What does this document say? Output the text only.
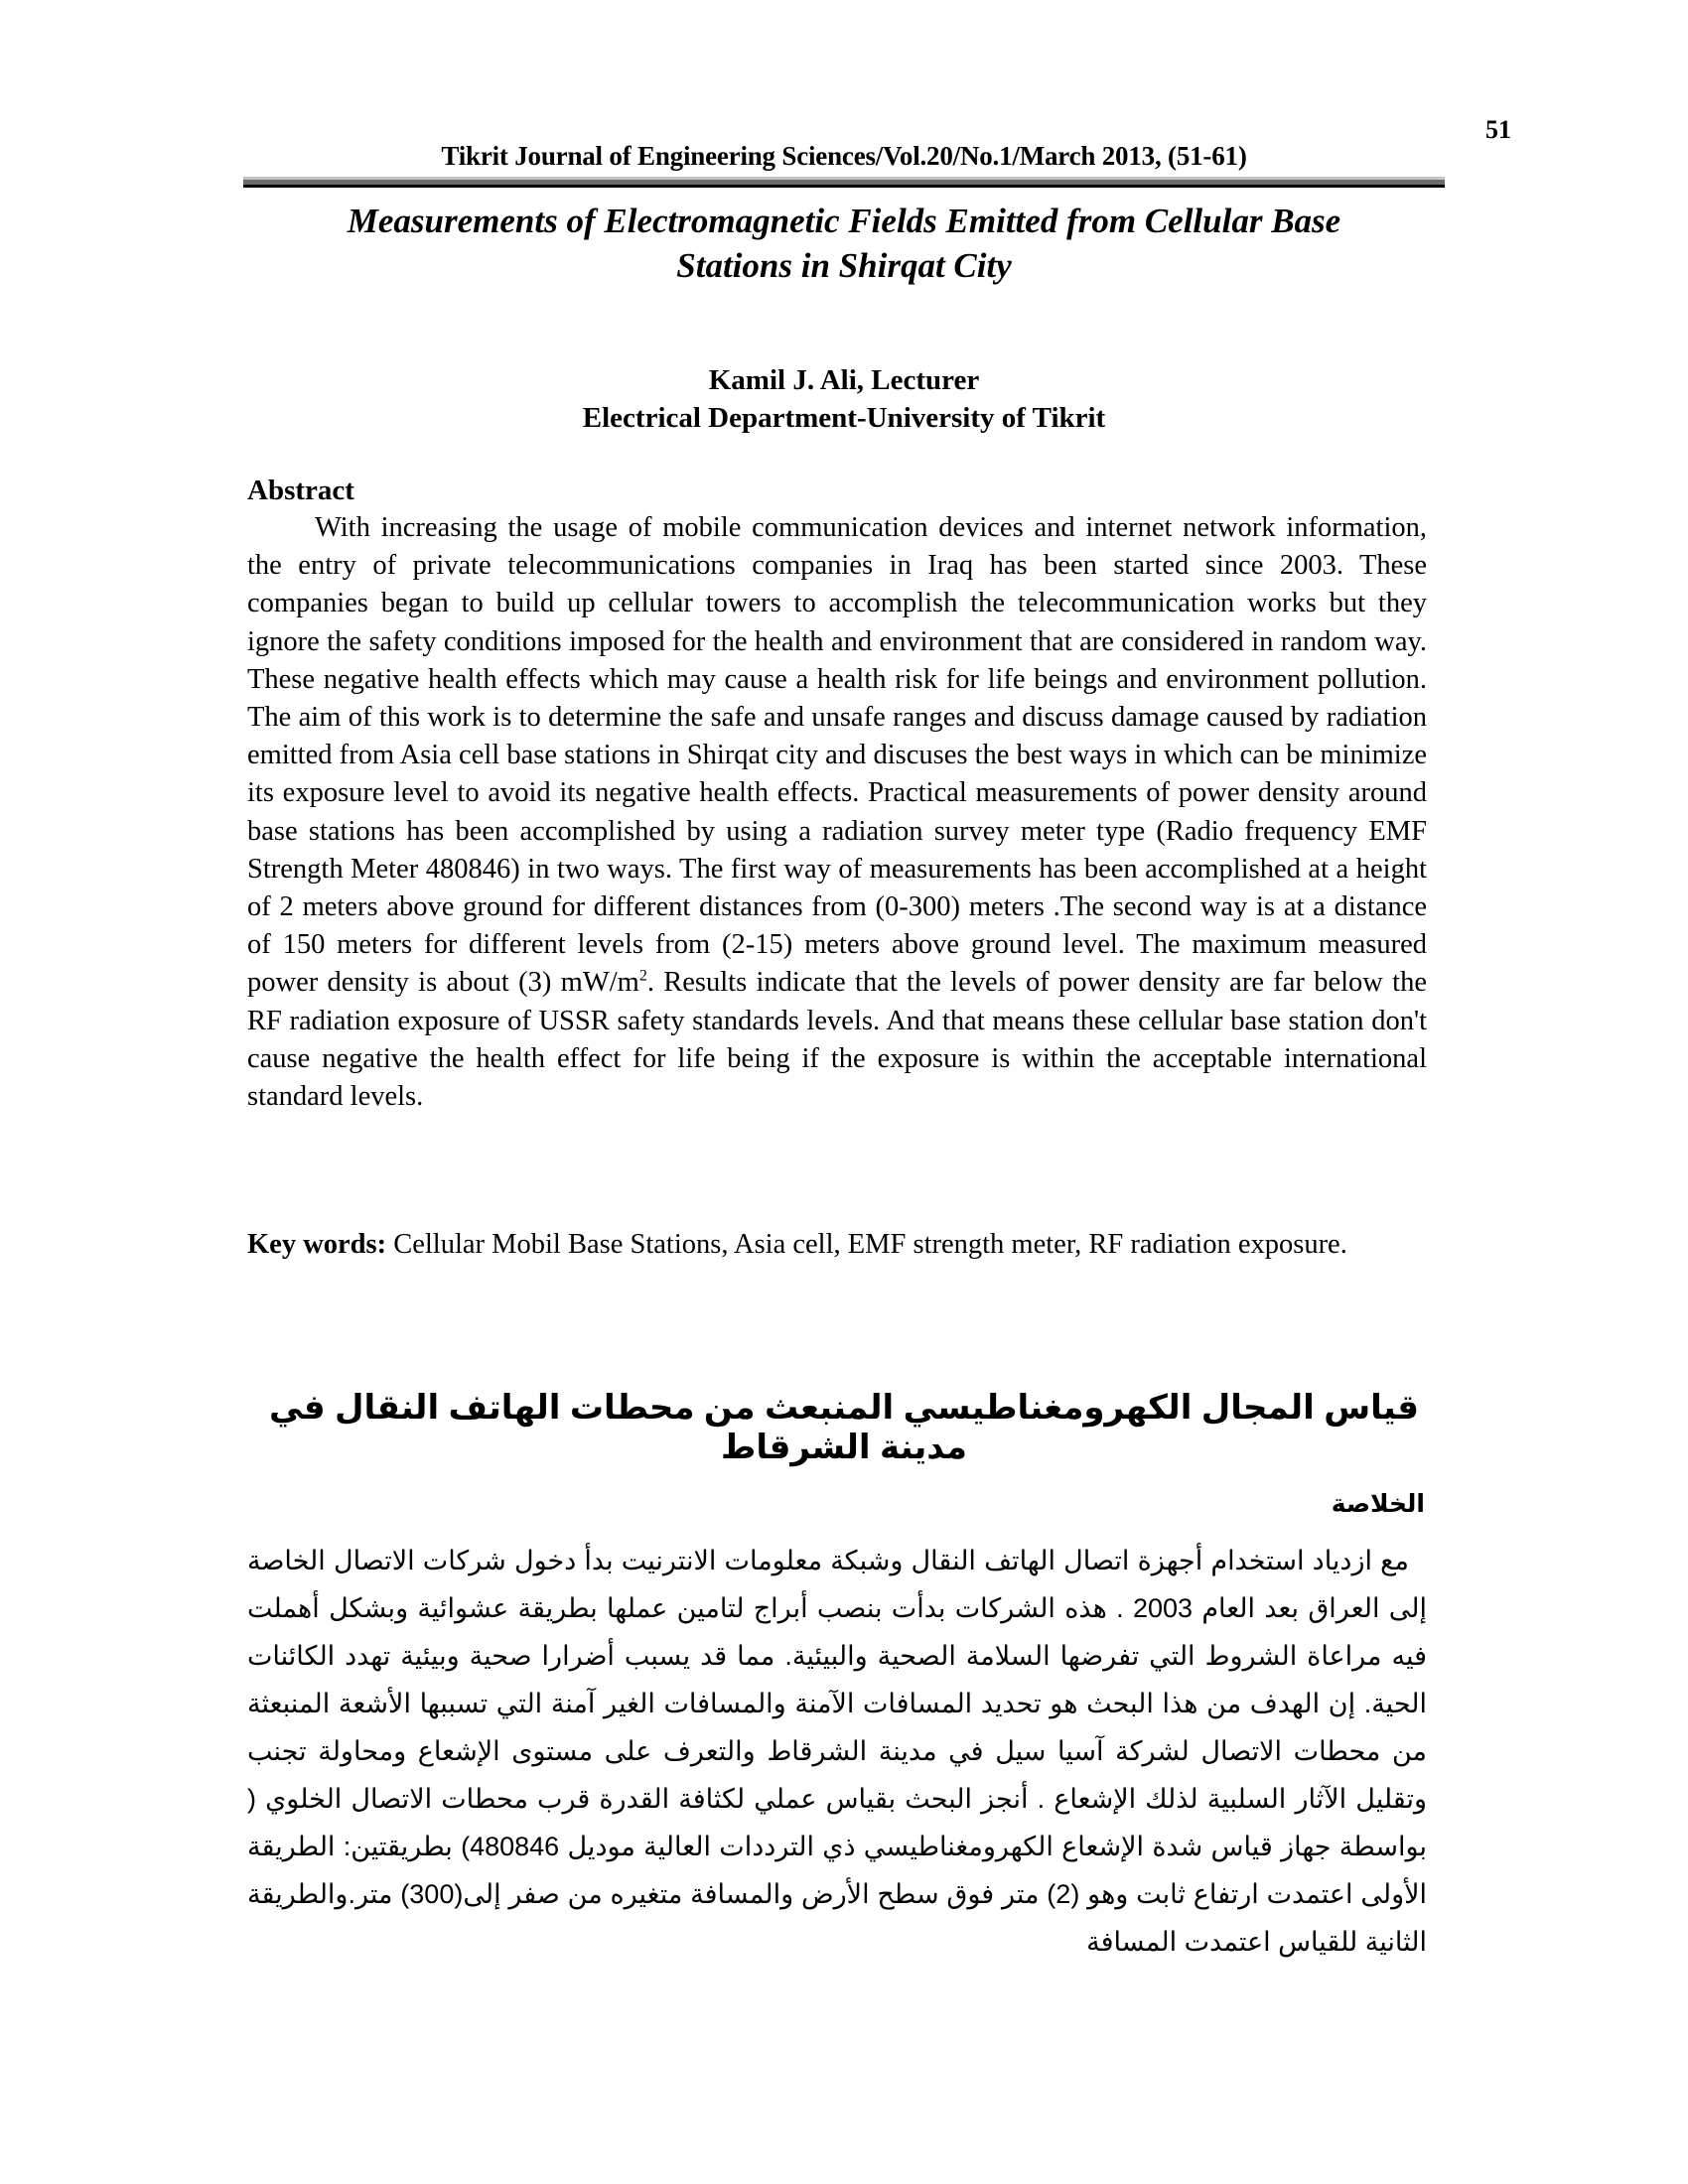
51
Tikrit Journal of Engineering Sciences/Vol.20/No.1/March 2013, (51-61)
Measurements of Electromagnetic Fields Emitted from Cellular Base
Stations in Shirqat City
Kamil J. Ali, Lecturer
Electrical Department-University of Tikrit
Abstract

With increasing the usage of mobile communication devices and internet network information, the entry of private telecommunications companies in Iraq has been started since 2003. These companies began to build up cellular towers to accomplish the telecommunication works but they ignore the safety conditions imposed for the health and environment that are considered in random way. These negative health effects which may cause a health risk for life beings and environment pollution. The aim of this work is to determine the safe and unsafe ranges and discuss damage caused by radiation emitted from Asia cell base stations in Shirqat city and discuses the best ways in which can be minimize its exposure level to avoid its negative health effects. Practical measurements of power density around base stations has been accomplished by using a radiation survey meter type (Radio frequency EMF Strength Meter 480846) in two ways. The first way of measurements has been accomplished at a height of 2 meters above ground for different distances from (0-300) meters .The second way is at a distance of 150 meters for different levels from (2-15) meters above ground level. The maximum measured power density is about (3) $mW/m^2$. Results indicate that the levels of power density are far below the RF radiation exposure of USSR safety standards levels. And that means these cellular base station don't cause negative the health effect for life being if the exposure is within the acceptable international standard levels.

Key words: Cellular Mobil Base Stations, Asia cell, EMF strength meter, RF radiation exposure.

قياس المجال الكهرومغناطيسي المنبعث من محطات الهاتف النقال في مدينة الشرقاط
الخلاصة

مع ازدياد استخدام أجهزة اتصال الهاتف النقال وشبكة معلومات الانترنيت بدأ دخول شركات الاتصال الخاصة إلى العراق بعد العام 2003 . هذه الشركات بدأت بنصب أبراج لتامين عملها بطريقة عشوائية وبشكل أهملت فيه مراعاة الشروط التي تفرضها السلامة الصحية والبيئية. مما قد يسبب أضرارا صحية وبيئية تهدد الكائنات الحية. إن الهدف من هذا البحث هو تحديد المسافات الآمنة والمسافات الغير آمنة التي تسببها الأشعة المنبعثة من محطات الاتصال لشركة آسيا سيل في مدينة الشرقاط والتعرف على مستوى الإشعاع ومحاولة تجنب وتقليل الآثار السلبية لذلك الإشعاع . أنجز البحث بقياس عملي لكثافة القدرة قرب محطات الاتصال الخلوي ( بواسطة جهاز قياس شدة الإشعاع الكهرومغناطيسي ذي الترددات العالية موديل 480846) بطريقتين: الطريقة الأولى اعتمدت ارتفاع ثابت وهو (2) متر فوق سطح الأرض والمسافة متغيره من صفر إلى(300) متر.والطريقة الثانية للقياس اعتمدت المسافة
